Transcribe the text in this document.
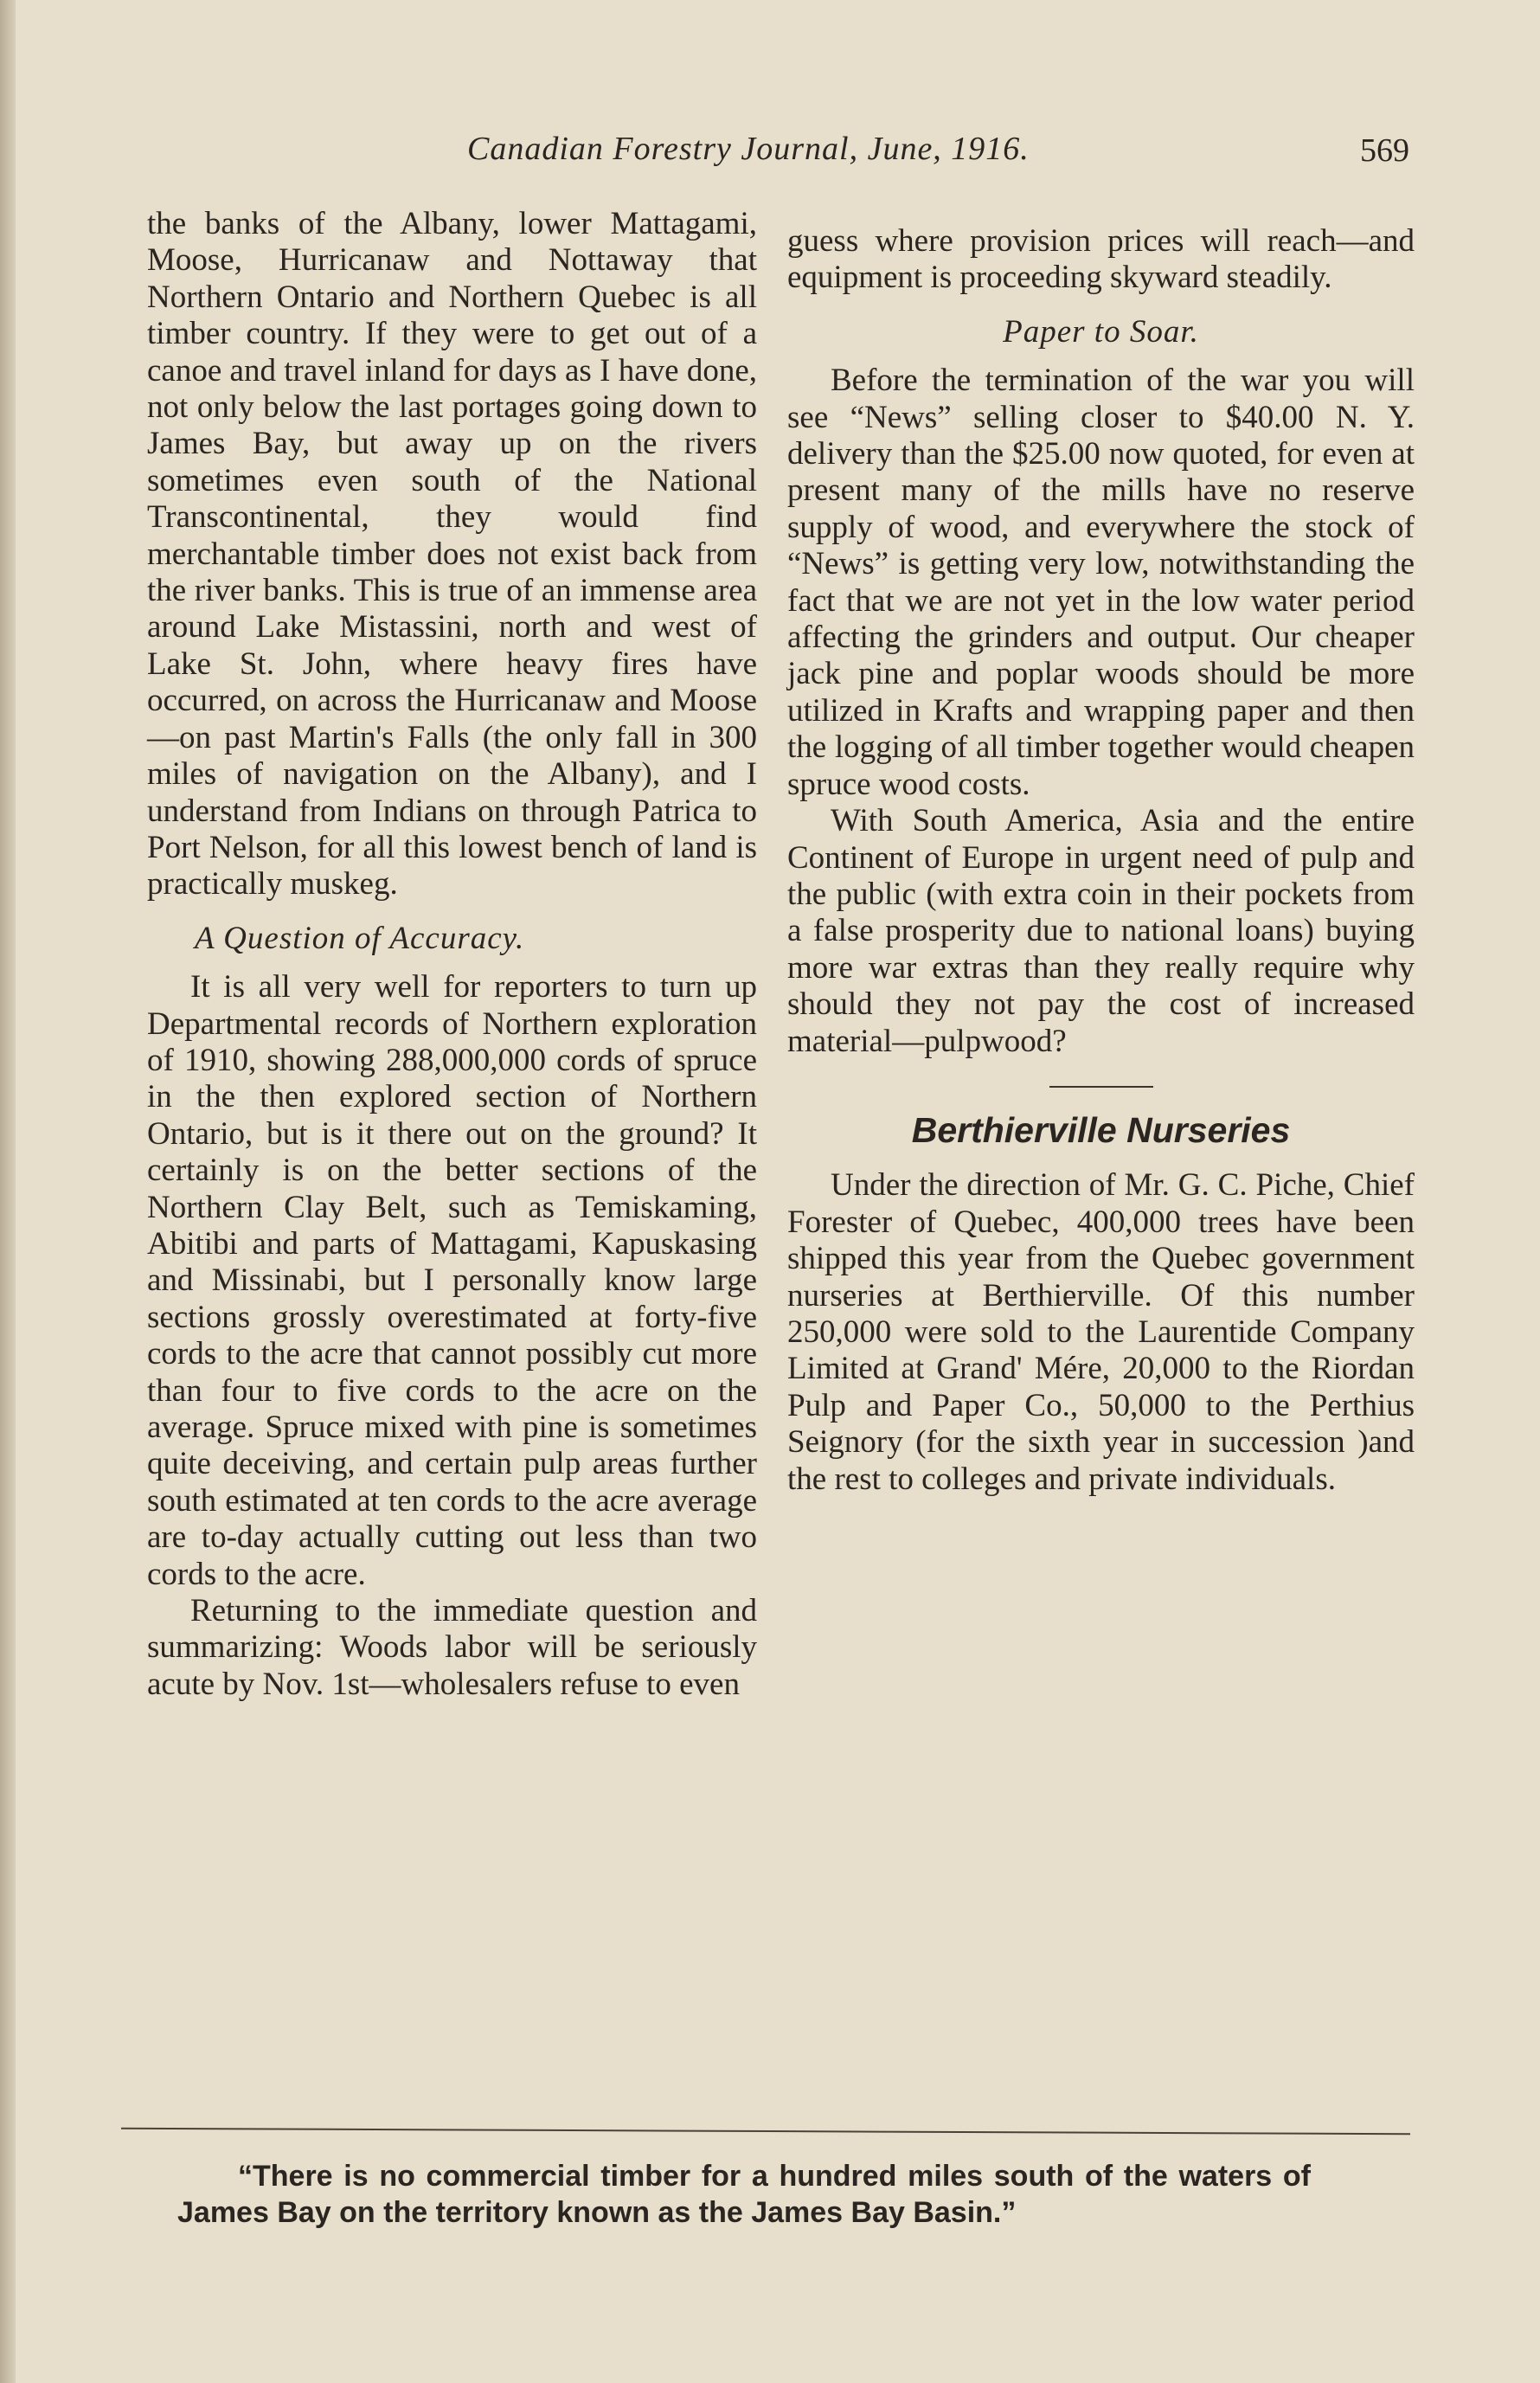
Canadian Forestry Journal, June, 1916.	569

the banks of the Albany, lower Mattagami, Moose, Hurricanaw and Nottaway that Northern Ontario and Northern Quebec is all timber country. If they were to get out of a canoe and travel inland for days as I have done, not only below the last portages going down to James Bay, but away up on the rivers sometimes even south of the National Transcontinental, they would find merchantable timber does not exist back from the river banks. This is true of an immense area around Lake Mistassini, north and west of Lake St. John, where heavy fires have occurred, on across the Hurricanaw and Moose—on past Martin's Falls (the only fall in 300 miles of navigation on the Albany), and I understand from Indians on through Patrica to Port Nelson, for all this lowest bench of land is practically muskeg.

A Question of Accuracy.

It is all very well for reporters to turn up Departmental records of Northern exploration of 1910, showing 288,000,000 cords of spruce in the then explored section of Northern Ontario, but is it there out on the ground? It certainly is on the better sections of the Northern Clay Belt, such as Temiskaming, Abitibi and parts of Mattagami, Kapuskasing and Missinabi, but I personally know large sections grossly overestimated at forty-five cords to the acre that cannot possibly cut more than four to five cords to the acre on the average. Spruce mixed with pine is sometimes quite deceiving, and certain pulp areas further south estimated at ten cords to the acre average are to-day actually cutting out less than two cords to the acre.

Returning to the immediate question and summarizing: Woods labor will be seriously acute by Nov. 1st—wholesalers refuse to even

guess where provision prices will reach—and equipment is proceeding skyward steadily.

Paper to Soar.

Before the termination of the war you will see “News” selling closer to $40.00 N. Y. delivery than the $25.00 now quoted, for even at present many of the mills have no reserve supply of wood, and everywhere the stock of “News” is getting very low, notwithstanding the fact that we are not yet in the low water period affecting the grinders and output. Our cheaper jack pine and poplar woods should be more utilized in Krafts and wrapping paper and then the logging of all timber together would cheapen spruce wood costs.

With South America, Asia and the entire Continent of Europe in urgent need of pulp and the public (with extra coin in their pockets from a false prosperity due to national loans) buying more war extras than they really require why should they not pay the cost of increased material—pulpwood?

Berthierville Nurseries

Under the direction of Mr. G. C. Piche, Chief Forester of Quebec, 400,000 trees have been shipped this year from the Quebec government nurseries at Berthierville. Of this number 250,000 were sold to the Laurentide Company Limited at Grand' Mére, 20,000 to the Riordan Pulp and Paper Co., 50,000 to the Perthius Seignory (for the sixth year in succession )and the rest to colleges and private individuals.

“There is no commercial timber for a hundred miles south of the waters of James Bay on the territory known as the James Bay Basin.”
